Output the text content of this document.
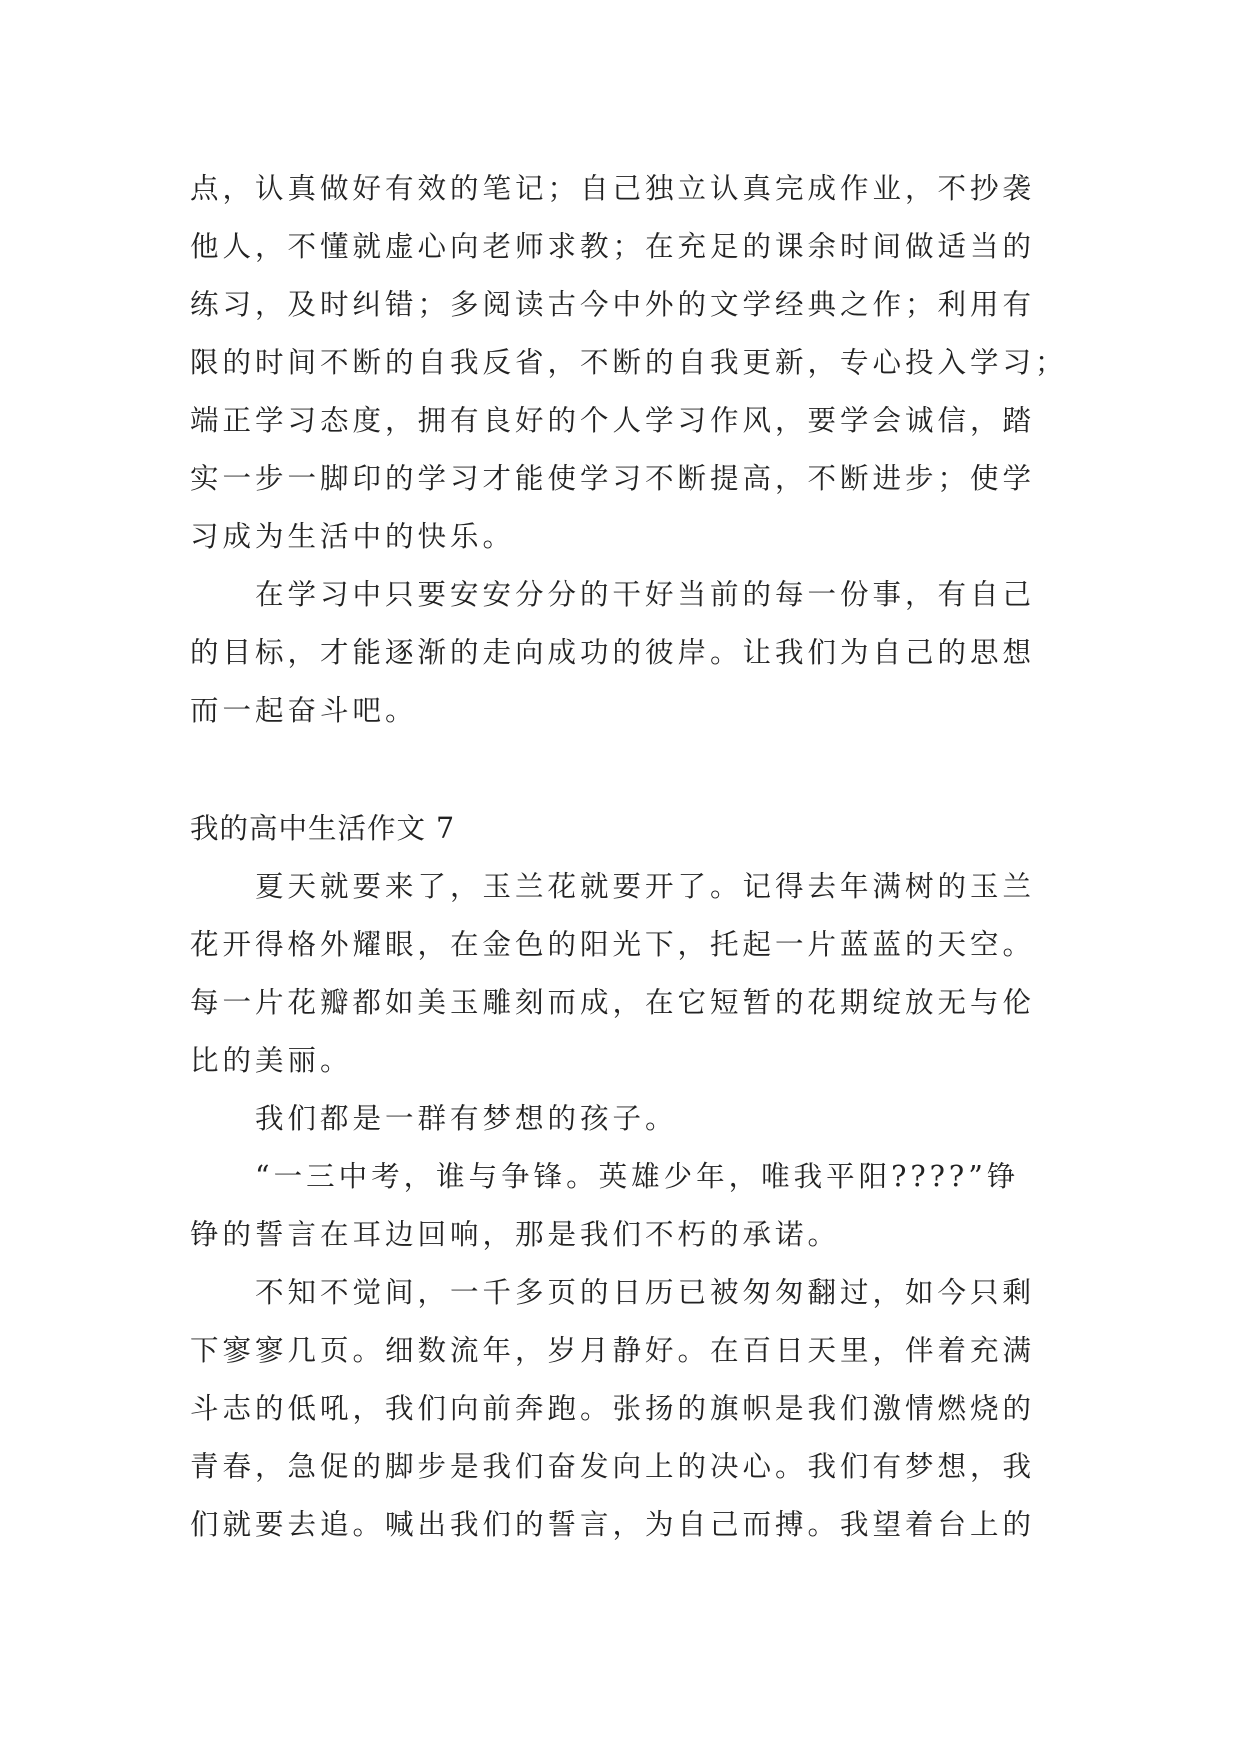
点，认真做好有效的笔记；自己独立认真完成作业，不抄袭
他人，不懂就虚心向老师求教；在充足的课余时间做适当的
练习，及时纠错；多阅读古今中外的文学经典之作；利用有
限的时间不断的自我反省，不断的自我更新，专心投入学习；
端正学习态度，拥有良好的个人学习作风，要学会诚信，踏
实一步一脚印的学习才能使学习不断提高，不断进步；使学
习成为生活中的快乐。
　　在学习中只要安安分分的干好当前的每一份事，有自己
的目标，才能逐渐的走向成功的彼岸。让我们为自己的思想
而一起奋斗吧。
我的高中生活作文 7
　　夏天就要来了，玉兰花就要开了。记得去年满树的玉兰
花开得格外耀眼，在金色的阳光下，托起一片蓝蓝的天空。
每一片花瓣都如美玉雕刻而成，在它短暂的花期绽放无与伦
比的美丽。
　　我们都是一群有梦想的孩子。
　　“一三中考，谁与争锋。英雄少年，唯我平阳????”铮
铮的誓言在耳边回响，那是我们不朽的承诺。
　　不知不觉间，一千多页的日历已被匆匆翻过，如今只剩
下寥寥几页。细数流年，岁月静好。在百日天里，伴着充满
斗志的低吼，我们向前奔跑。张扬的旗帜是我们激情燃烧的
青春，急促的脚步是我们奋发向上的决心。我们有梦想，我
们就要去追。喊出我们的誓言，为自己而搏。我望着台上的
